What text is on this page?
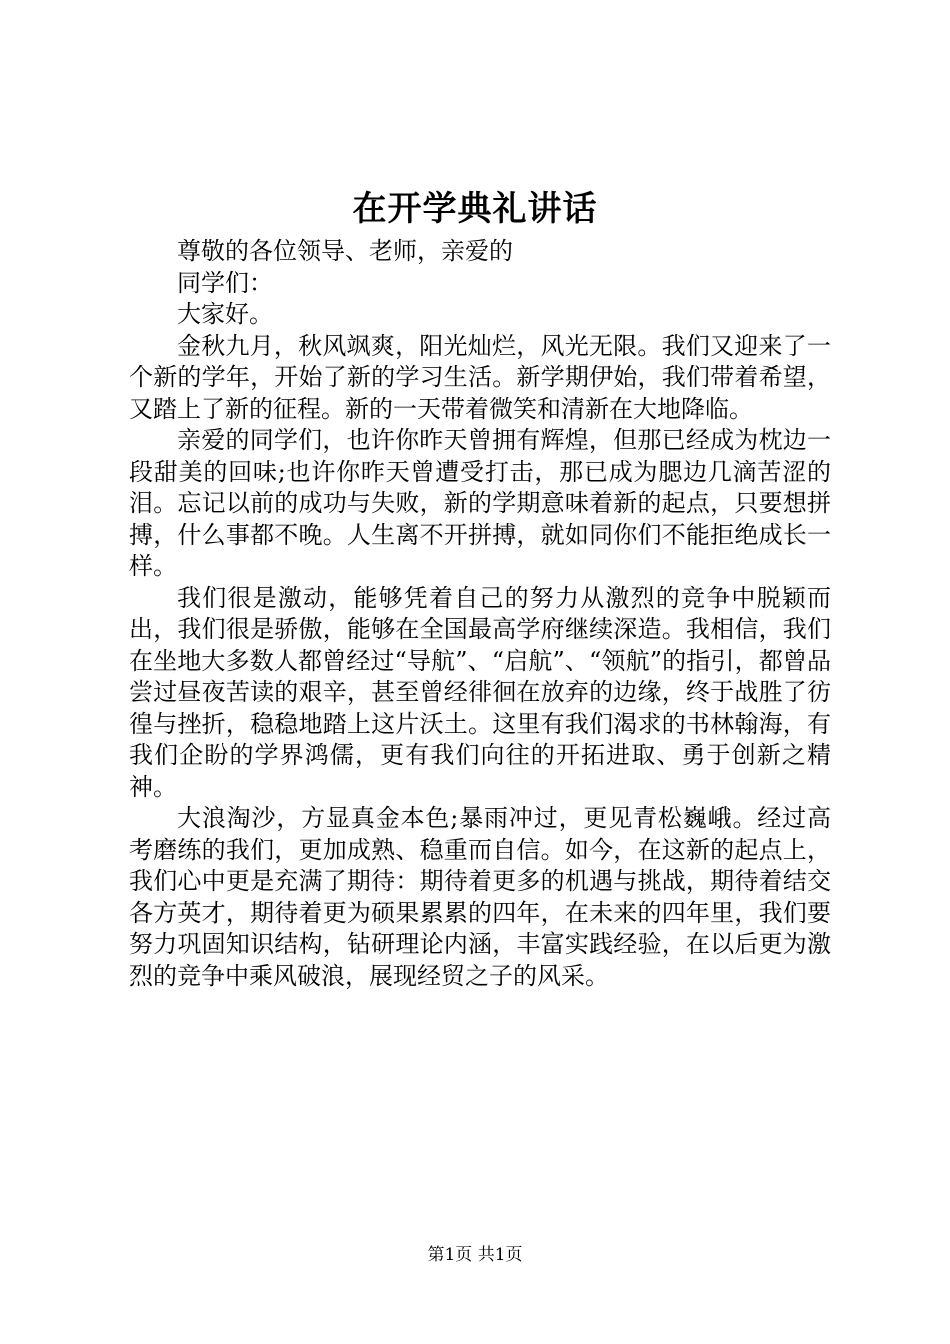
在开学典礼讲话

尊敬的各位领导、老师，亲爱的

同学们：

大家好。

金秋九月，秋风飒爽，阳光灿烂，风光无限。我们又迎来了一个新的学年，开始了新的学习生活。新学期伊始，我们带着希望，又踏上了新的征程。新的一天带着微笑和清新在大地降临。

亲爱的同学们，也许你昨天曾拥有辉煌，但那已经成为枕边一段甜美的回味;也许你昨天曾遭受打击，那已成为腮边几滴苦涩的泪。忘记以前的成功与失败，新的学期意味着新的起点，只要想拼搏，什么事都不晚。人生离不开拼搏，就如同你们不能拒绝成长一样。

我们很是激动，能够凭着自己的努力从激烈的竞争中脱颖而出，我们很是骄傲，能够在全国最高学府继续深造。我相信，我们在坐地大多数人都曾经过“导航”、“启航”、“领航”的指引，都曾品尝过昼夜苦读的艰辛，甚至曾经徘徊在放弃的边缘，终于战胜了彷徨与挫折，稳稳地踏上这片沃土。这里有我们渴求的书林翰海，有我们企盼的学界鸿儒，更有我们向往的开拓进取、勇于创新之精神。

大浪淘沙，方显真金本色;暴雨冲过，更见青松巍峨。经过高考磨练的我们，更加成熟、稳重而自信。如今，在这新的起点上，我们心中更是充满了期待：期待着更多的机遇与挑战，期待着结交各方英才，期待着更为硕果累累的四年，在未来的四年里，我们要努力巩固知识结构，钻研理论内涵，丰富实践经验，在以后更为激烈的竞争中乘风破浪，展现经贸之子的风采。

第1页 共1页
